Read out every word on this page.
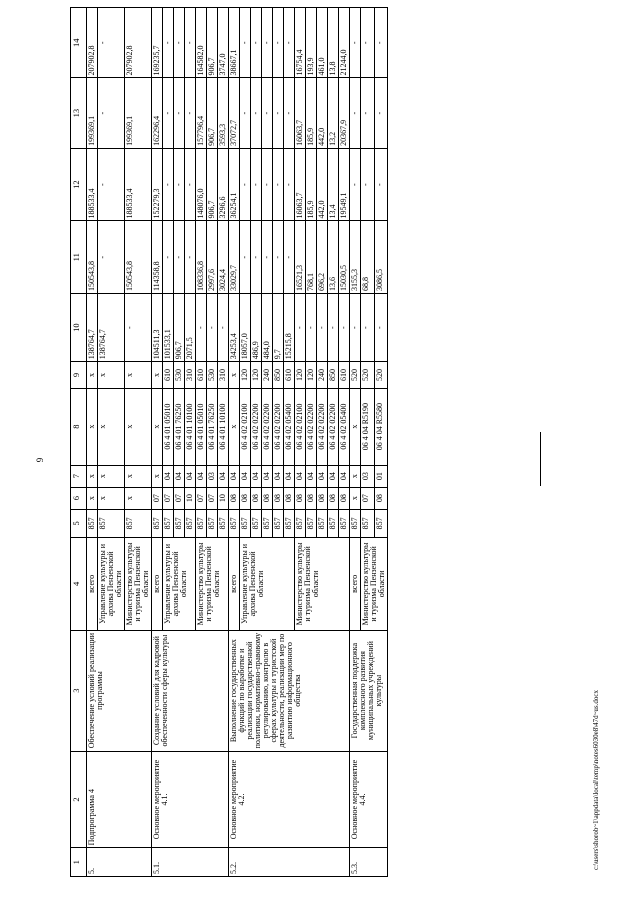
9
c:\users\shorob~1\appdata\local\temp\notes6030e8\47d~us.docx
1	2	3	4	5	6	7	8	9	10	11	12	13	14
5.	Подпрограмма 4	Обеспечение условий реализации программы	всего	857	x	x	x	x	138764,7	150543,8	188533,4	199369,1	207902,8
			Управление культуры и архива Пензенской области	857	x	x	x	x	138764,7	-	-	-	-
			Министерство культуры и туризма Пензенской области	857	x	x	x	x	-	150543,8	188533,4	199369,1	207902,8
5.1.	Основное мероприятие 4.1.	Создание условий для кадровой обеспеченности сферы культуры	всего	857	07	x	x	x	104511,3	114358,8	152279,3	162296,4	169235,7
			Управление культуры и архива Пензенской области	857	07	04	06 4 01 05010	610	101533,1	-	-	-	-
				857	07	04	06 4 01 76250	530	906,7	-	-	-	-
				857	10	04	06 4 01 10100	310	2071,5	-	-	-	-
			Министерство культуры и туризма Пензенской области	857	07	04	06 4 01 05010	610	-	108336,8	148076,0	157796,4	164582,0
				857	07	03	06 4 01 76250	530	-	2997,6	906,7	906,7	906,7
				857	10	04	06 4 01 10100	310	-	3024,4	3296,6	3593,3	3747,0
5.2.	Основное мероприятие 4.2.	Выполнение государственных функций по выработке и реализации государственной политики, нормативно-правовому регулированию, контролю в сферах культуры и туристской деятельности, реализации мер по развитию информационного общества	всего	857	08	04	x	x	34253,4	33029,7	36254,1	37072,7	38667,1
			Управление культуры и архива Пензенской области	857	08	04	06 4 02 02100	120	18057,0	-	-	-	-
				857	08	04	06 4 02 02200	120	486,9	-	-	-	-
				857	08	04	06 4 02 02200	240	484,0	-	-	-	-
				857	08	04	06 4 02 02200	850	9,7	-	-	-	-
				857	08	04	06 4 02 05400	610	15215,8	-	-	-	-
			Министерство культуры и туризма Пензенской области	857	08	04	06 4 02 02100	120	-	16521,3	16063,7	16063,7	16754,4
				857	08	04	06 4 02 02200	120	-	768,1	185,9	185,9	193,9
				857	08	04	06 4 02 02200	240	-	696,2	442,0	442,0	461,0
				857	08	04	06 4 02 02200	850	-	13,6	13,4	13,2	13,8
				857	08	04	06 4 02 05400	610	-	15030,5	19549,1	20367,9	21244,0
5.3.	Основное мероприятие 4.4.	Государственная поддержка комплексного развития муниципальных учреждений культуры	всего	857	x	x	x	520	-	3155,3	-	-	-
			Министерство культуры и туризма Пензенской области	857	07	03	06 4 04 R5190	520	-	68,8	-	-	-
				857	08	01	06 4 04 R5580	520	-	3086,5	-	-	-
